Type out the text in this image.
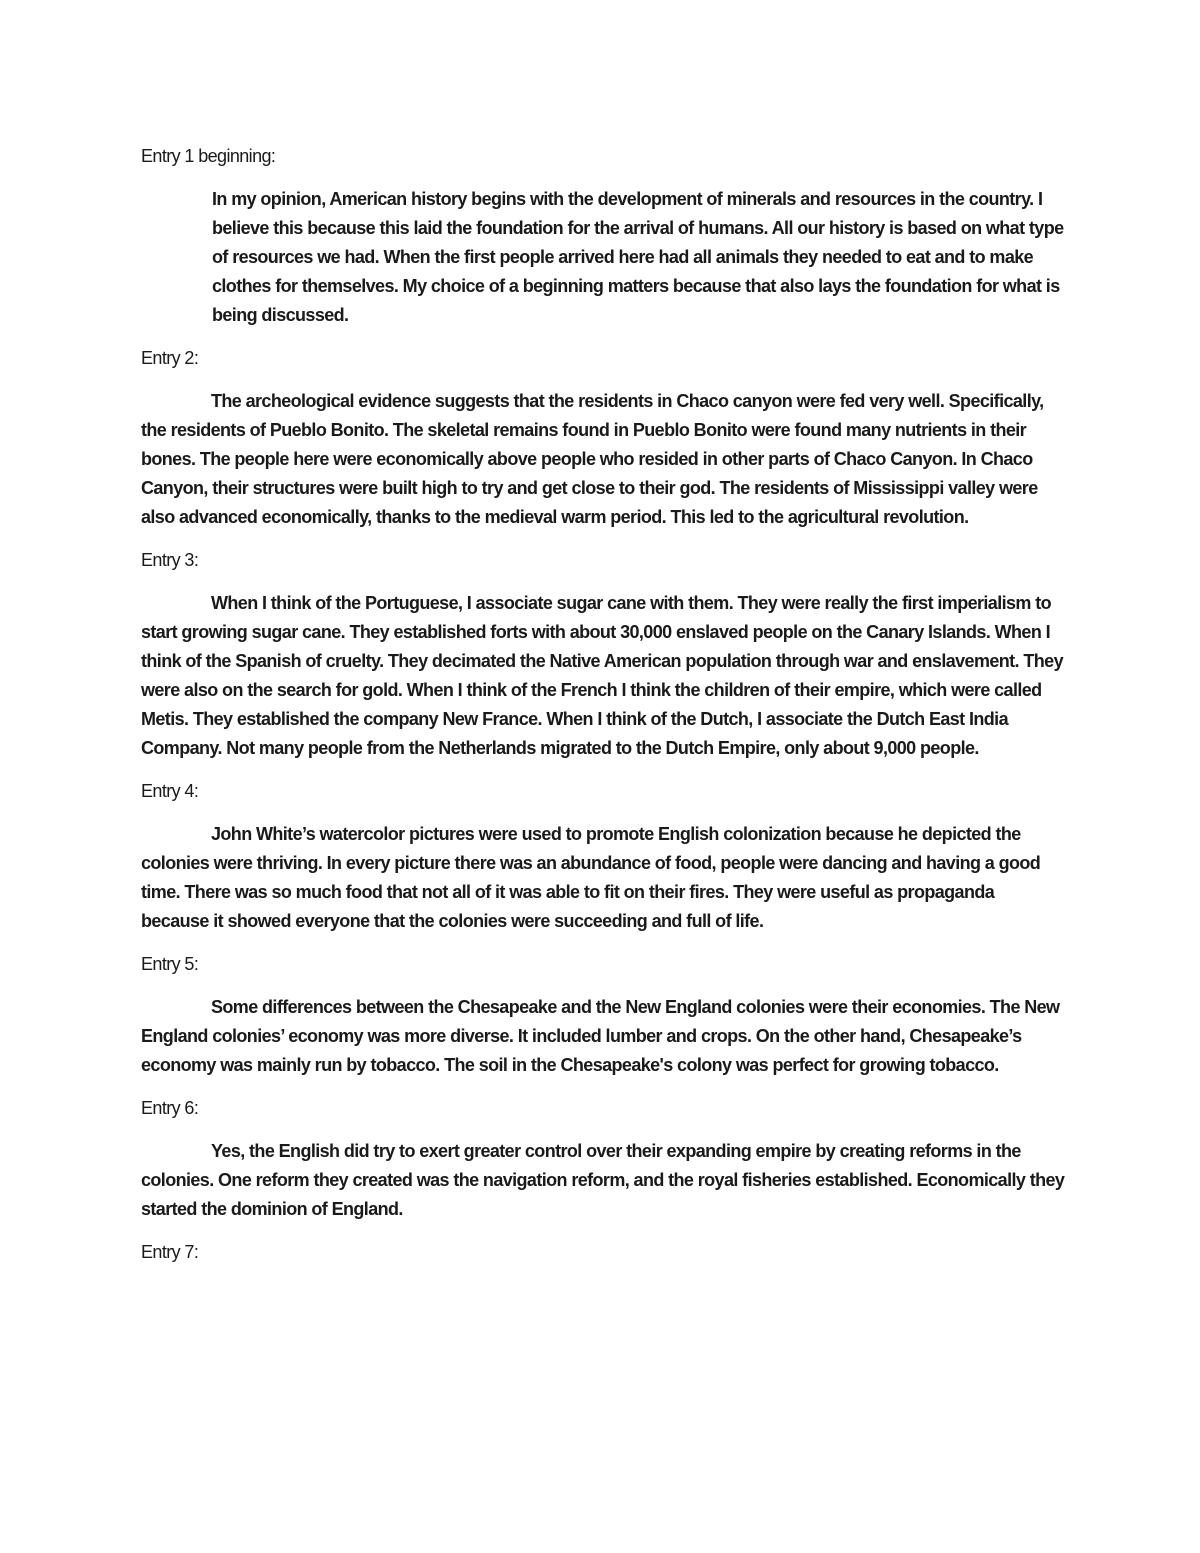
Entry 1 beginning:

In my opinion, American history begins with the development of minerals and resources in the country. I believe this because this laid the foundation for the arrival of humans. All our history is based on what type of resources we had. When the first people arrived here had all animals they needed to eat and to make clothes for themselves. My choice of a beginning matters because that also lays the foundation for what is being discussed.

Entry 2:

The archeological evidence suggests that the residents in Chaco canyon were fed very well. Specifically, the residents of Pueblo Bonito. The skeletal remains found in Pueblo Bonito were found many nutrients in their bones. The people here were economically above people who resided in other parts of Chaco Canyon. In Chaco Canyon, their structures were built high to try and get close to their god. The residents of Mississippi valley were also advanced economically, thanks to the medieval warm period. This led to the agricultural revolution.

Entry 3:

When I think of the Portuguese, I associate sugar cane with them. They were really the first imperialism to start growing sugar cane. They established forts with about 30,000 enslaved people on the Canary Islands. When I think of the Spanish of cruelty. They decimated the Native American population through war and enslavement. They were also on the search for gold. When I think of the French I think the children of their empire, which were called Metis. They established the company New France. When I think of the Dutch, I associate the Dutch East India Company. Not many people from the Netherlands migrated to the Dutch Empire, only about 9,000 people.

Entry 4:

John White’s watercolor pictures were used to promote English colonization because he depicted the colonies were thriving. In every picture there was an abundance of food, people were dancing and having a good time. There was so much food that not all of it was able to fit on their fires. They were useful as propaganda because it showed everyone that the colonies were succeeding and full of life.

Entry 5:

Some differences between the Chesapeake and the New England colonies were their economies. The New England colonies’ economy was more diverse. It included lumber and crops. On the other hand, Chesapeake’s economy was mainly run by tobacco. The soil in the Chesapeake's colony was perfect for growing tobacco.

Entry 6:

Yes, the English did try to exert greater control over their expanding empire by creating reforms in the colonies. One reform they created was the navigation reform, and the royal fisheries established. Economically they started the dominion of England.

Entry 7:
